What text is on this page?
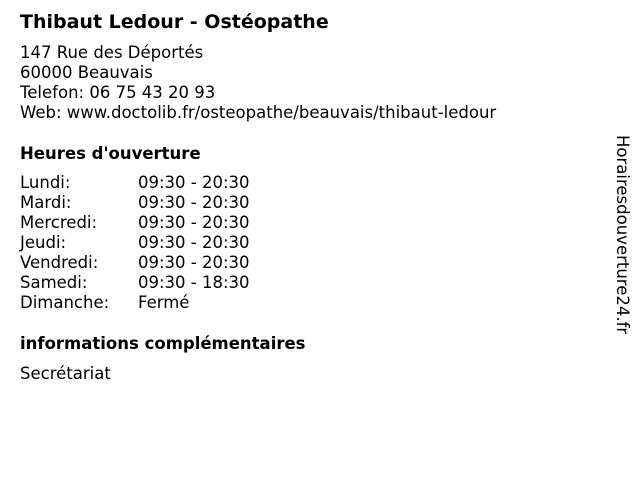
Thibaut Ledour - Ostéopathe
147 Rue des Déportés
60000 Beauvais
Telefon: 06 75 43 20 93
Web: www.doctolib.fr/osteopathe/beauvais/thibaut-ledour
Heures d'ouverture
Lundi:	09:30 - 20:30
Mardi:	09:30 - 20:30
Mercredi:	09:30 - 20:30
Jeudi:	09:30 - 20:30
Vendredi:	09:30 - 20:30
Samedi:	09:30 - 18:30
Dimanche:	Fermé
informations complémentaires
Secrétariat
Horairesdouverture24.fr
